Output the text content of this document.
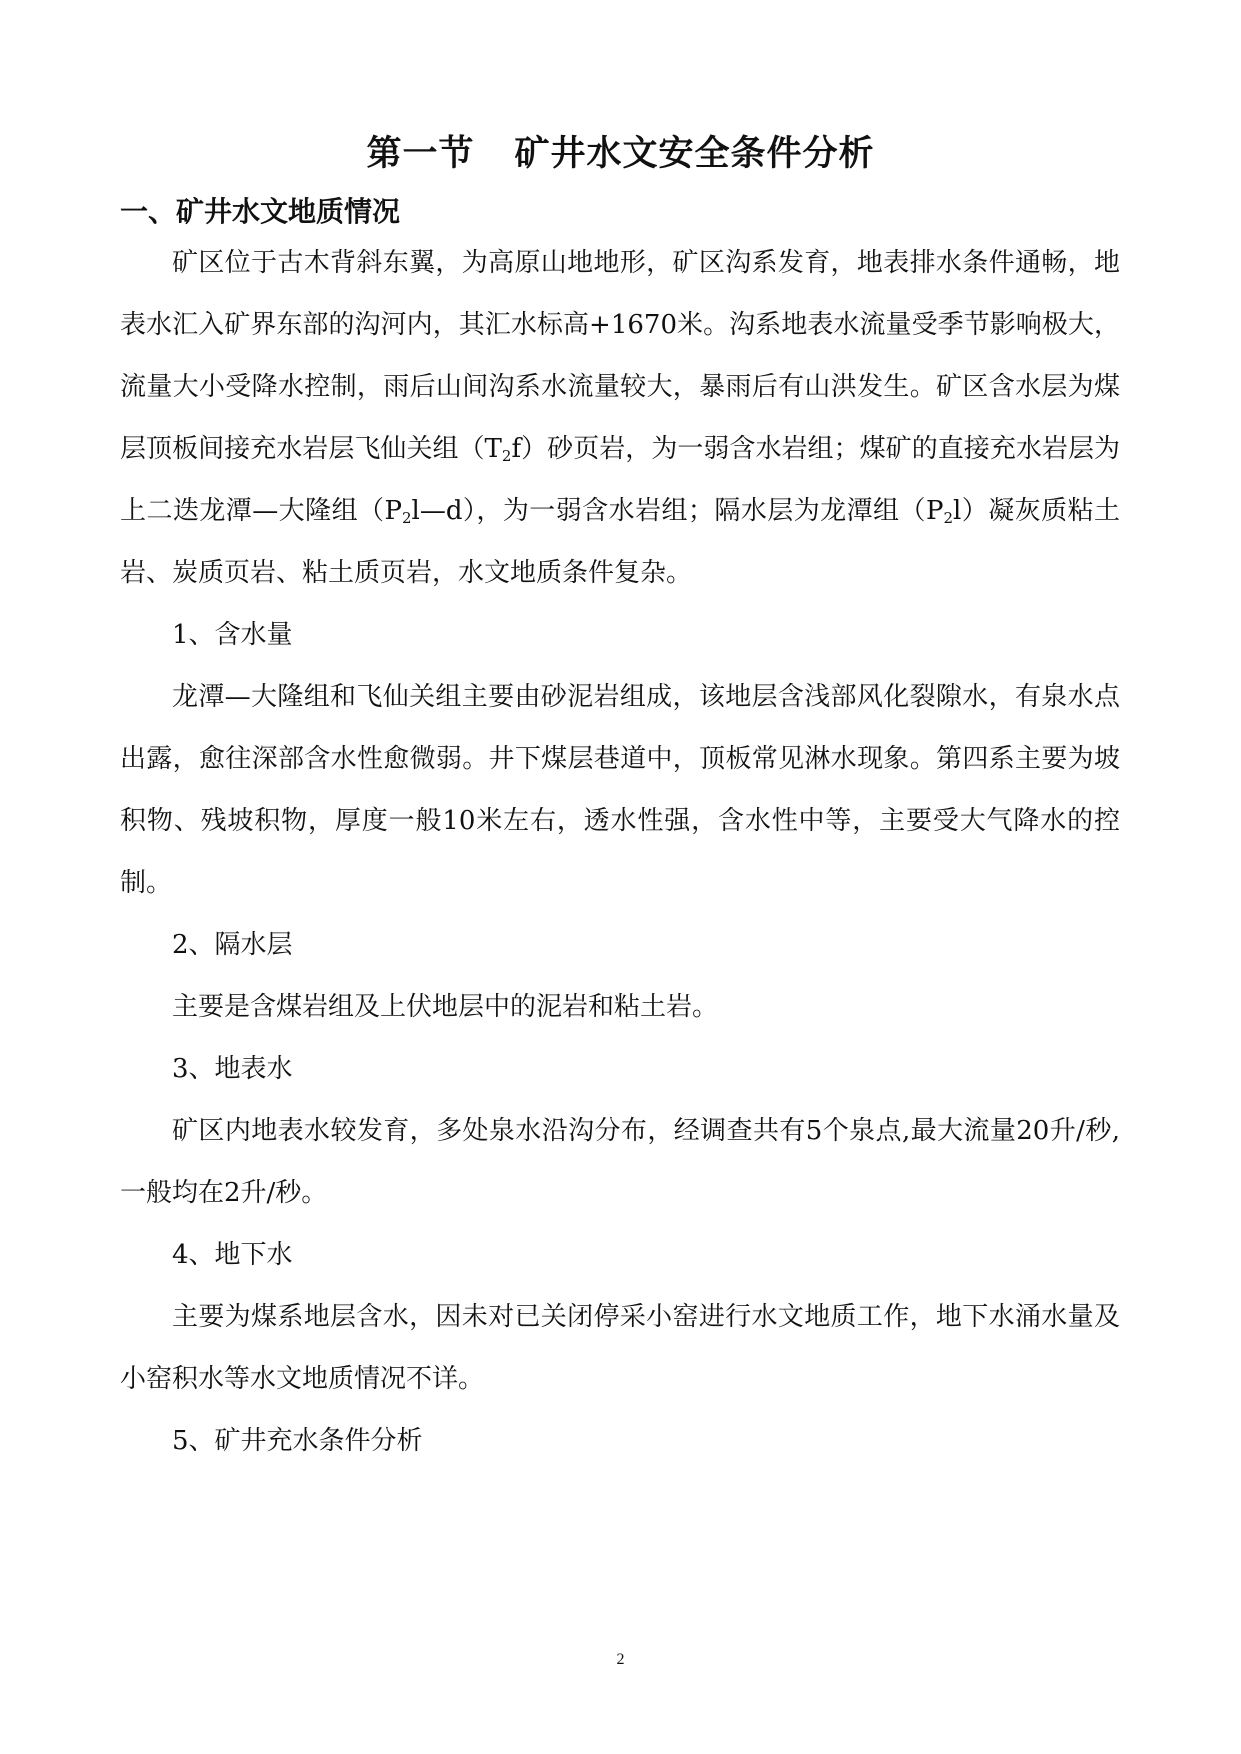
第一节 矿井水文安全条件分析
一、矿井水文地质情况

矿区位于古木背斜东翼，为高原山地地形，矿区沟系发育，地表排水条件通畅，地表水汇入矿界东部的沟河内，其汇水标高+1670米。沟系地表水流量受季节影响极大，流量大小受降水控制，雨后山间沟系水流量较大，暴雨后有山洪发生。矿区含水层为煤层顶板间接充水岩层飞仙关组$(T_2f)$砂页岩，为一弱含水岩组；煤矿的直接充水岩层为上二迭龙潭—大隆组$(P_2l—d)$，为一弱含水岩组；隔水层为龙潭组$(P_2l)$凝灰质粘土岩、炭质页岩、粘土质页岩，水文地质条件复杂。

1、含水量

龙潭—大隆组和飞仙关组主要由砂泥岩组成，该地层含浅部风化裂隙水，有泉水点出露，愈往深部含水性愈微弱。井下煤层巷道中，顶板常见淋水现象。第四系主要为坡积物、残坡积物，厚度一般10米左右，透水性强，含水性中等，主要受大气降水的控制。

2、隔水层

主要是含煤岩组及上伏地层中的泥岩和粘土岩。

3、地表水

矿区内地表水较发育，多处泉水沿沟分布，经调查共有5个泉点,最大流量20升/秒,一般均在2升/秒。

4、地下水

主要为煤系地层含水，因未对已关闭停采小窑进行水文地质工作，地下水涌水量及小窑积水等水文地质情况不详。

5、矿井充水条件分析

2
